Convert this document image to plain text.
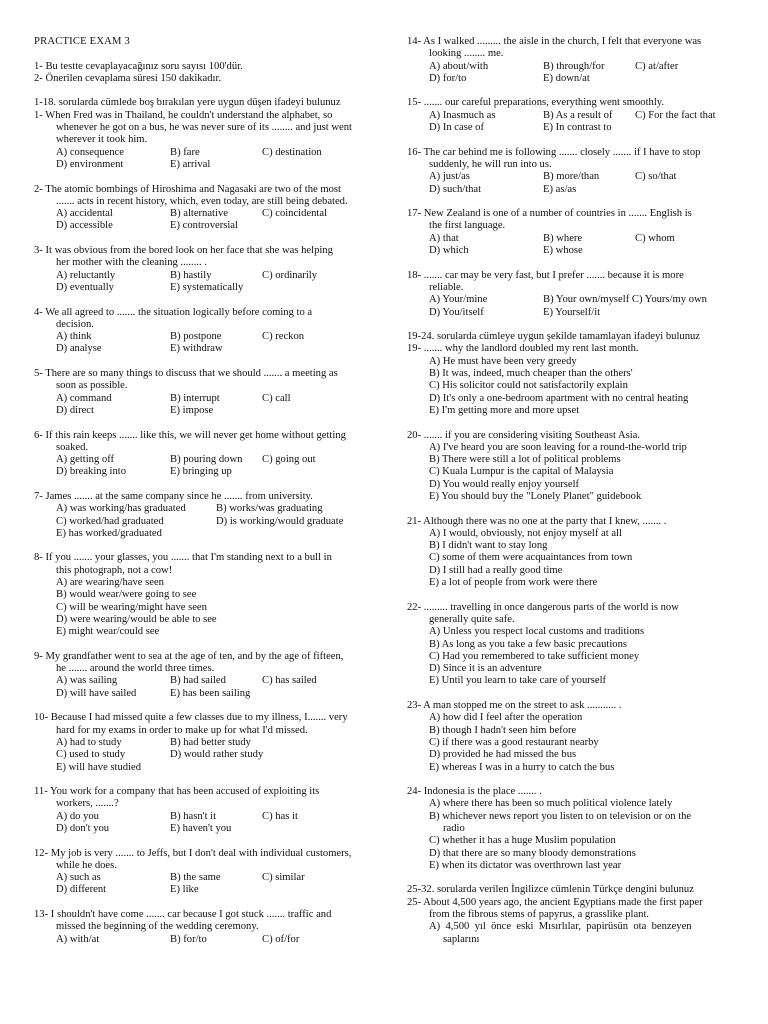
PRACTICE EXAM 3
1- Bu testte cevaplayacağınız soru sayısı 100'dür.
2- Önerilen cevaplama süresi 150 dakikadır.
1-18. sorularda cümlede boş bırakılan yere uygun düşen ifadeyi bulunuz
1- When Fred was in Thailand, he couldn't understand the alphabet, so
whenever he got on a bus, he was never sure of its ........ and just went
wherever it took him.
A) consequence	B) fare	C) destination
D) environment	E) arrival
2- The atomic bombings of Hiroshima and Nagasaki are two of the most
....... acts in recent history, which, even today, are still being debated.
A) accidental	B) alternative	C) coincidental
D) accessible	E) controversial
3- It was obvious from the bored look on her face that she was helping
her mother with the cleaning ........ .
A) reluctantly	B) hastily	C) ordinarily
D) eventually	E) systematically
4- We all agreed to ....... the situation logically before coming to a
decision.
A) think	B) postpone	C) reckon
D) analyse	E) withdraw
5- There are so many things to discuss that we should ....... a meeting as
soon as possible.
A) command	B) interrupt	C) call
D) direct	E) impose
6- If this rain keeps ....... like this, we will never get home without getting
soaked.
A) getting off	B) pouring down	C) going out
D) breaking into	E) bringing up
7- James ....... at the same company since he ....... from university.
A) was working/has graduated	B) works/was graduating
C) worked/had graduated	D) is working/would graduate
E) has worked/graduated
8- If you ....... your glasses, you ....... that I'm standing next to a bull in
this photograph, not a cow!
A) are wearing/have seen
B) would wear/were going to see
C) will be wearing/might have seen
D) were wearing/would be able to see
E) might wear/could see
9- My grandfather went to sea at the age of ten, and by the age of fifteen,
he ....... around the world three times.
A) was sailing	B) had sailed	C) has sailed
D) will have sailed	E) has been sailing
10- Because I had missed quite a few classes due to my illness, I....... very
hard for my exams in order to make up for what I'd missed.
A) had to study	B) had better study
C) used to study	D) would rather study
E) will have studied
11- You work for a company that has been accused of exploiting its
workers, .......?
A) do you	B) hasn't it	C) has it
D) don't you	E) haven't you
12- My job is very ....... to Jeffs, but I don't deal with individual customers,
while he does.
A) such as	B) the same	C) similar
D) different	E) like
13- I shouldn't have come ....... car because I got stuck ....... traffic and
missed the beginning of the wedding ceremony.
A) with/at	B) for/to	C) of/for
14- As I walked ......... the aisle in the church, I felt that everyone was
looking ........ me.
A) about/with	B) through/for	C) at/after
D) for/to	E) down/at
15- ....... our careful preparations, everything went smoothly.
A) Inasmuch as	B) As a result of	C) For the fact that
D) In case of	E) In contrast to
16- The car behind me is following ....... closely ....... if I have to stop
suddenly, he will run into us.
A) just/as	B) more/than	C) so/that
D) such/that	E) as/as
17- New Zealand is one of a number of countries in ....... English is
the first language.
A) that	B) where	C) whom
D) which	E) whose
18- ....... car may be very fast, but I prefer ....... because it is more
reliable.
A) Your/mine	B) Your own/myself C) Yours/my own
D) You/itself	E) Yourself/it
19-24. sorularda cümleye uygun şekilde tamamlayan ifadeyi bulunuz
19- ....... why the landlord doubled my rent last month.
A) He must have been very greedy
B) It was, indeed, much cheaper than the others'
C) His solicitor could not satisfactorily explain
D) It's only a one-bedroom apartment with no central heating
E) I'm getting more and more upset
20- ....... if you are considering visiting Southeast Asia.
A) I've heard you are soon leaving for a round-the-world trip
B) There were still a lot of political problems
C) Kuala Lumpur is the capital of Malaysia
D) You would really enjoy yourself
E) You should buy the "Lonely Planet" guidebook
21- Although there was no one at the party that I knew, ....... .
A) I would, obviously, not enjoy myself at all
B) I didn't want to stay long
C) some of them were acquaintances from town
D) I still had a really good time
E) a lot of people from work were there
22- ......... travelling in once dangerous parts of the world is now
generally quite safe.
A) Unless you respect local customs and traditions
B) As long as you take a few basic precautions
C) Had you remembered to take sufficient money
D) Since it is an adventure
E) Until you learn to take care of yourself
23- A man stopped me on the street to ask ........... .
A) how did I feel after the operation
B) though I hadn't seen him before
C) if there was a good restaurant nearby
D) provided he had missed the bus
E) whereas I was in a hurry to catch the bus
24- Indonesia is the place ....... .
A) where there has been so much political violence lately
B) whichever news report you listen to on television or on the
radio
C) whether it has a huge Muslim population
D) that there are so many bloody demonstrations
E) when its dictator was overthrown last year
25-32. sorularda verilen İngilizce cümlenin Türkçe dengini bulunuz
25- About 4,500 years ago, the ancient Egyptians made the first paper
from the fibrous stems of papyrus, a grasslike plant.
A)  4,500  yıl  önce  eski  Mısırlılar,  papirüsün  ota  benzeyen
saplarını
